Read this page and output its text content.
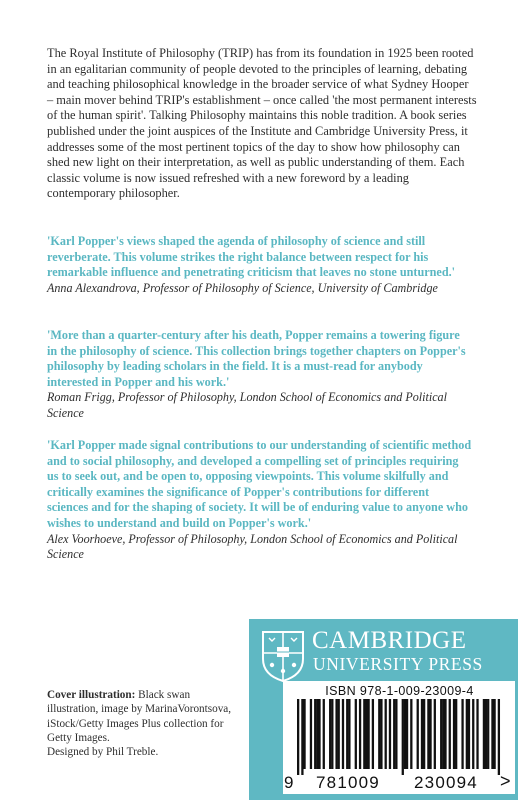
The Royal Institute of Philosophy (TRIP) has from its foundation in 1925 been rooted in an egalitarian community of people devoted to the principles of learning, debating and teaching philosophical knowledge in the broader service of what Sydney Hooper – main mover behind TRIP's establishment – once called 'the most permanent interests of the human spirit'. Talking Philosophy maintains this noble tradition. A book series published under the joint auspices of the Institute and Cambridge University Press, it addresses some of the most pertinent topics of the day to show how philosophy can shed new light on their interpretation, as well as public understanding of them. Each classic volume is now issued refreshed with a new foreword by a leading contemporary philosopher.
'Karl Popper's views shaped the agenda of philosophy of science and still reverberate. This volume strikes the right balance between respect for his remarkable influence and penetrating criticism that leaves no stone unturned.'
Anna Alexandrova, Professor of Philosophy of Science, University of Cambridge
'More than a quarter-century after his death, Popper remains a towering figure in the philosophy of science. This collection brings together chapters on Popper's philosophy by leading scholars in the field. It is a must-read for anybody interested in Popper and his work.'
Roman Frigg, Professor of Philosophy, London School of Economics and Political Science
'Karl Popper made signal contributions to our understanding of scientific method and to social philosophy, and developed a compelling set of principles requiring us to seek out, and be open to, opposing viewpoints. This volume skilfully and critically examines the significance of Popper's contributions for different sciences and for the shaping of society. It will be of enduring value to anyone who wishes to understand and build on Popper's work.'
Alex Voorhoeve, Professor of Philosophy, London School of Economics and Political Science
CAMBRIDGE
UNIVERSITY PRESS
ISBN 978-1-009-23009-4
9	781009	230094	>
Cover illustration: Black swan illustration, image by MarinaVorontsova, iStock/Getty Images Plus collection for Getty Images.
Designed by Phil Treble.
